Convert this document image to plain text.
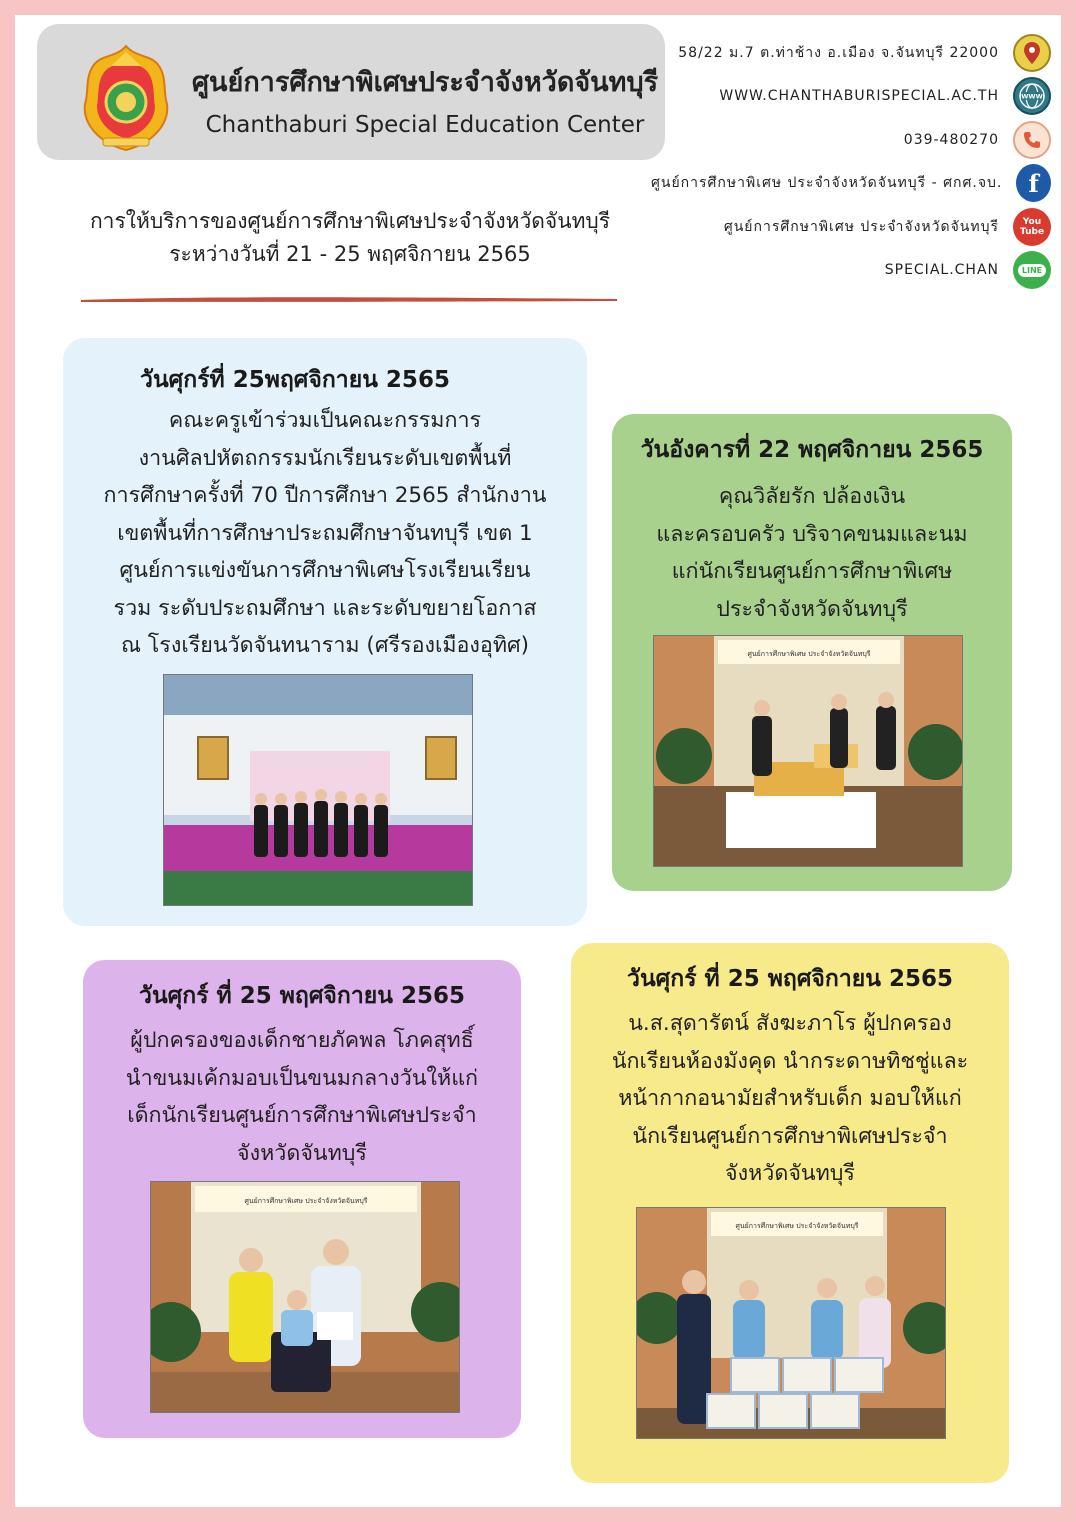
ศูนย์การศึกษาพิเศษประจำจังหวัดจันทบุรี
Chanthaburi Special Education Center
การให้บริการของศูนย์การศึกษาพิเศษประจำจังหวัดจันทบุรี
ระหว่างวันที่ 21 - 25 พฤศจิกายน 2565
58/22 ม.7 ต.ท่าช้าง อ.เมือง จ.จันทบุรี 22000
WWW.CHANTHABURISPECIAL.AC.TH	WWW
039-480270
ศูนย์การศึกษาพิเศษ ประจำจังหวัดจันทบุรี - ศกศ.จบ.	f
ศูนย์การศึกษาพิเศษ ประจำจังหวัดจันทบุรี	You Tube
SPECIAL.CHAN	LINE
วันศุกร์ที่ 25พฤศจิกายน 2565
คณะครูเข้าร่วมเป็นคณะกรรมการ
งานศิลปหัตถกรรมนักเรียนระดับเขตพื้นที่
การศึกษาครั้งที่ 70 ปีการศึกษา 2565 สำนักงาน
เขตพื้นที่การศึกษาประถมศึกษาจันทบุรี เขต 1
ศูนย์การแข่งขันการศึกษาพิเศษโรงเรียนเรียน
รวม ระดับประถมศึกษา และระดับขยายโอกาส
ณ โรงเรียนวัดจันทนาราม (ศรีรองเมืองอุทิศ)
วันอังคารที่ 22 พฤศจิกายน 2565
คุณวิลัยรัก ปล้องเงิน
และครอบครัว บริจาคขนมและนม
แก่นักเรียนศูนย์การศึกษาพิเศษ
ประจำจังหวัดจันทบุรี
ศูนย์การศึกษาพิเศษ ประจำจังหวัดจันทบุรี
วันศุกร์ ที่ 25 พฤศจิกายน 2565
ผู้ปกครองของเด็กชายภัคพล โภคสุทธิ์
นำขนมเค้กมอบเป็นขนมกลางวันให้แก่
เด็กนักเรียนศูนย์การศึกษาพิเศษประจำ
จังหวัดจันทบุรี
ศูนย์การศึกษาพิเศษ ประจำจังหวัดจันทบุรี
วันศุกร์ ที่ 25 พฤศจิกายน 2565
น.ส.สุดารัตน์ สังฆะภาโร ผู้ปกครอง
นักเรียนห้องมังคุด นำกระดาษทิชชู่และ
หน้ากากอนามัยสำหรับเด็ก มอบให้แก่
นักเรียนศูนย์การศึกษาพิเศษประจำ
จังหวัดจันทบุรี
ศูนย์การศึกษาพิเศษ ประจำจังหวัดจันทบุรี
